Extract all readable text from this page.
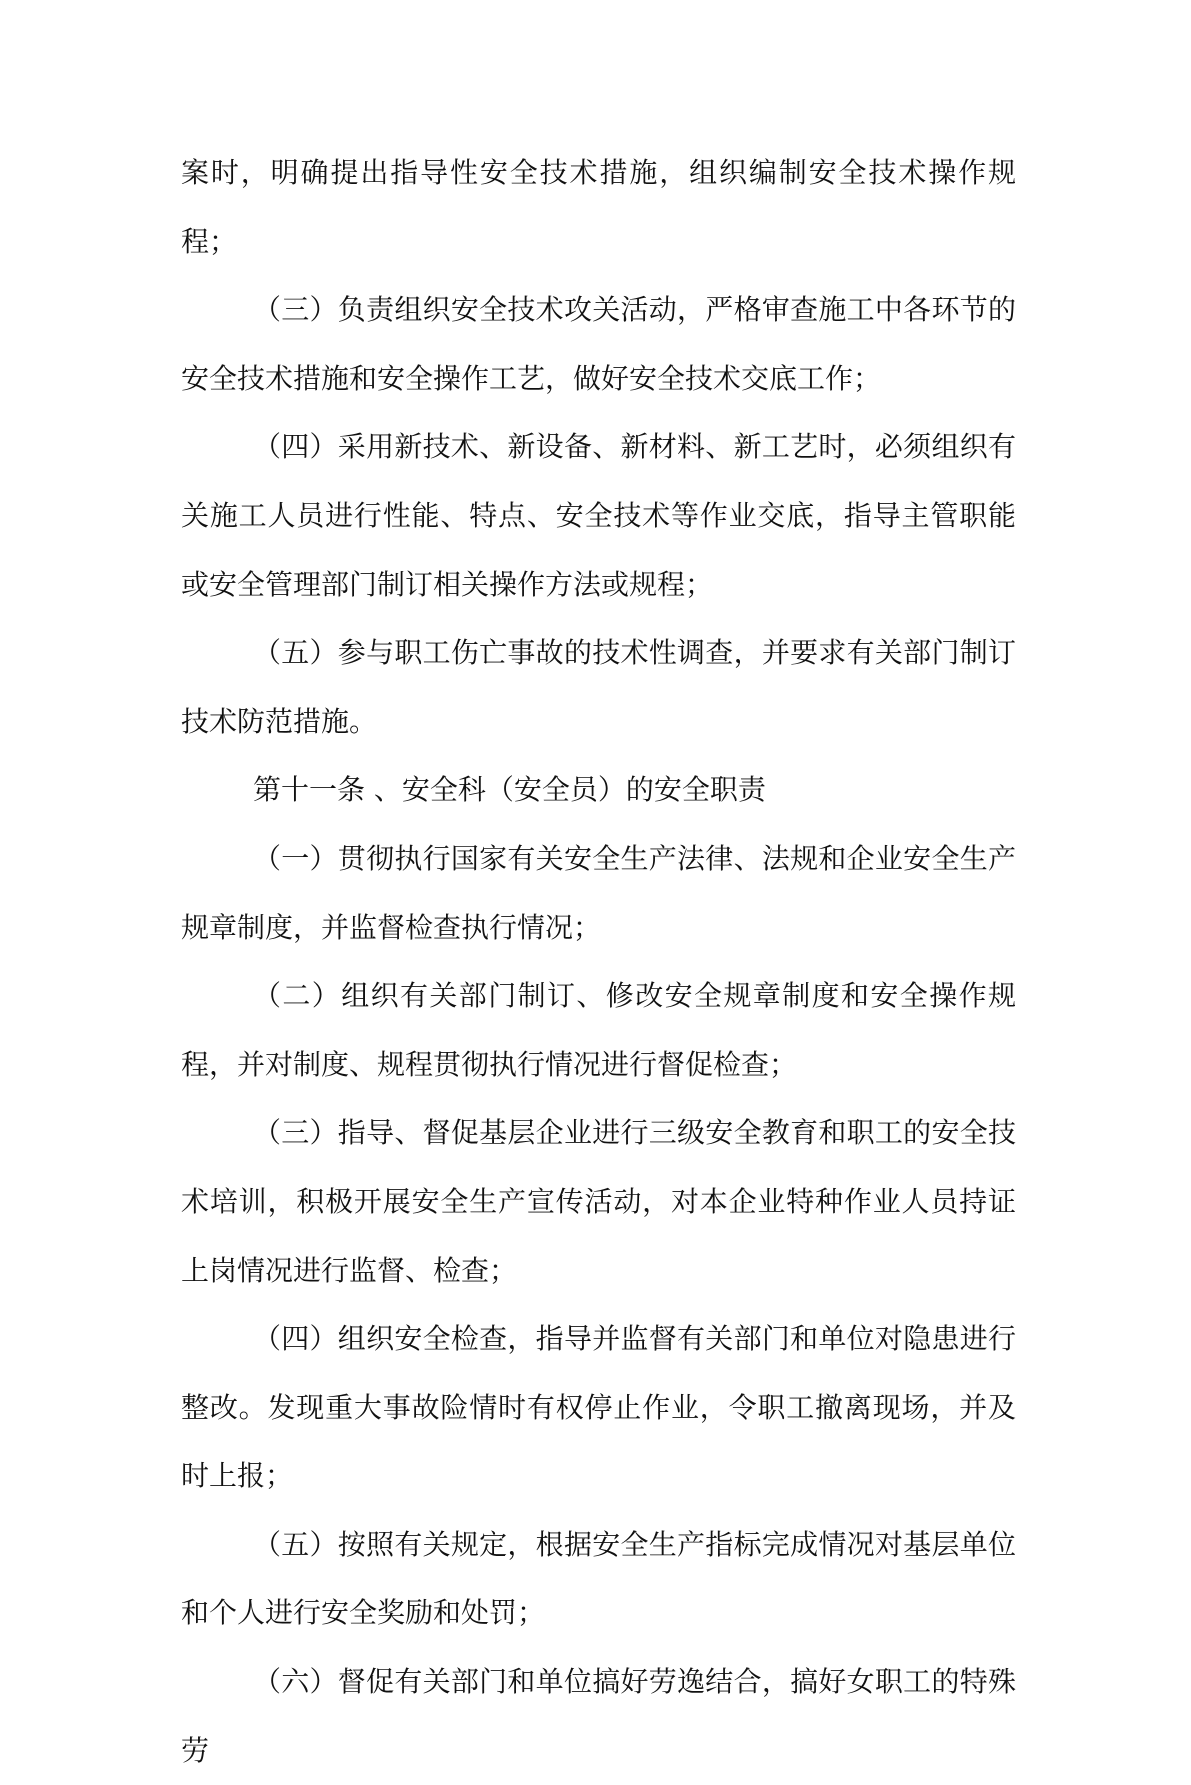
案时，明确提出指导性安全技术措施，组织编制安全技术操作规程；

（三）负责组织安全技术攻关活动，严格审查施工中各环节的安全技术措施和安全操作工艺，做好安全技术交底工作；

（四）采用新技术、新设备、新材料、新工艺时，必须组织有关施工人员进行性能、特点、安全技术等作业交底，指导主管职能或安全管理部门制订相关操作方法或规程；

（五）参与职工伤亡事故的技术性调查，并要求有关部门制订技术防范措施。

第十一条 、安全科（安全员）的安全职责

（一）贯彻执行国家有关安全生产法律、法规和企业安全生产规章制度，并监督检查执行情况；

（二）组织有关部门制订、修改安全规章制度和安全操作规程，并对制度、规程贯彻执行情况进行督促检查；

（三）指导、督促基层企业进行三级安全教育和职工的安全技术培训，积极开展安全生产宣传活动，对本企业特种作业人员持证上岗情况进行监督、检查；

（四）组织安全检查，指导并监督有关部门和单位对隐患进行整改。发现重大事故险情时有权停止作业，令职工撤离现场，并及时上报；

（五）按照有关规定，根据安全生产指标完成情况对基层单位和个人进行安全奖励和处罚；

（六）督促有关部门和单位搞好劳逸结合，搞好女职工的特殊劳
